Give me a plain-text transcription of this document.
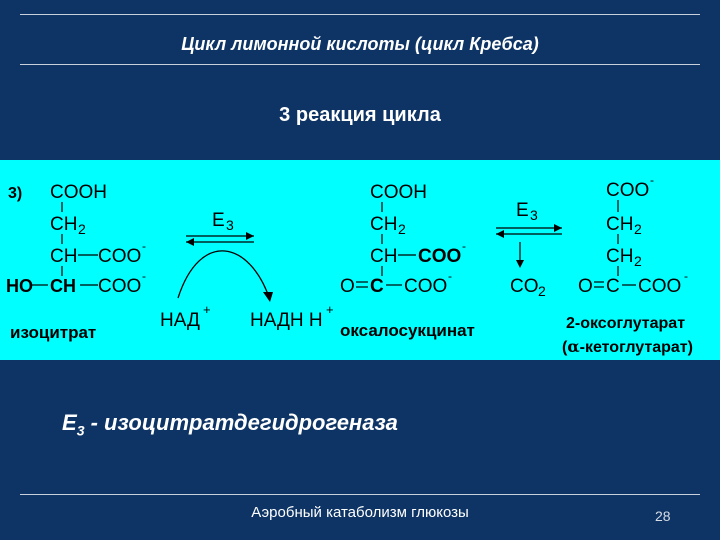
Цикл лимонной кислоты (цикл Кребса)
3 реакция цикла
3) COOH
CH 2
CH COO -
HO CH COO -
изоцитрат
E 3
НАД
+
НАДН Н
+
COOH
CH 2
CH COO -
O C COO -
оксалосукцинат
E 3
CO 2
COO -
CH 2
CH 2
O C COO -
2-оксоглутарат
(α-кетоглутарат)
$Е_3$ - изоцитратдегидрогеназа
Аэробный катаболизм глюкозы	28
